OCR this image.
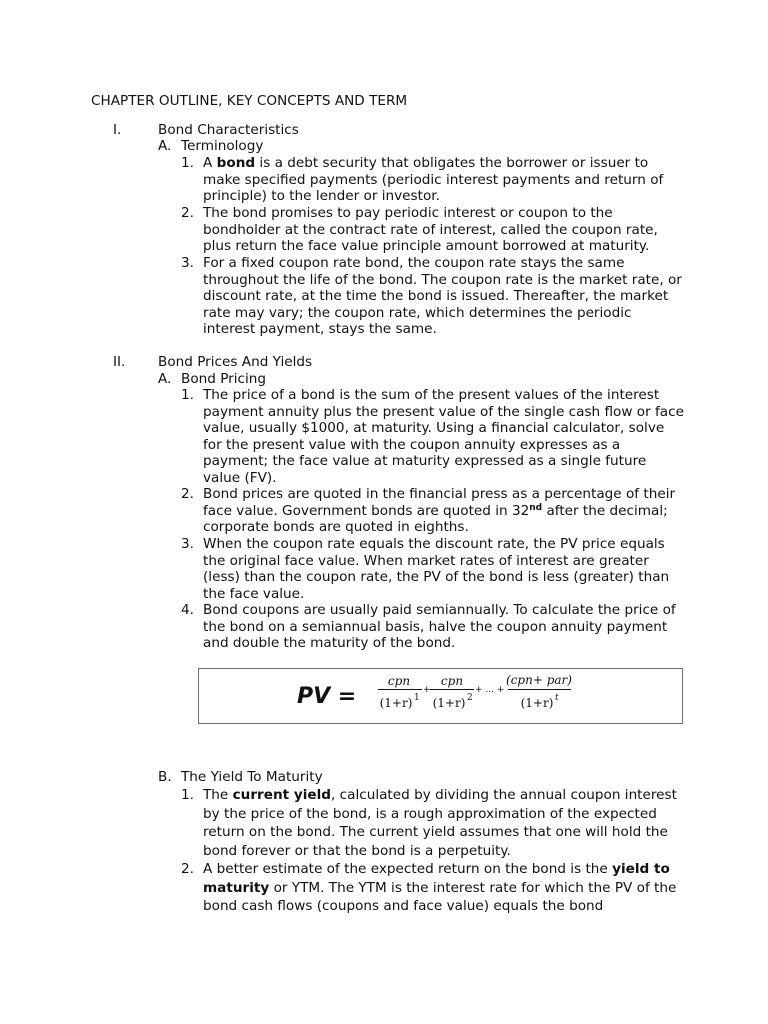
CHAPTER OUTLINE, KEY CONCEPTS AND TERM
I.	Bond Characteristics
A. Terminology
1. A bond is a debt security that obligates the borrower or issuer to make specified payments (periodic interest payments and return of principle) to the lender or investor.
2. The bond promises to pay periodic interest or coupon to the bondholder at the contract rate of interest, called the coupon rate, plus return the face value principle amount borrowed at maturity.
3. For a fixed coupon rate bond, the coupon rate stays the same throughout the life of the bond. The coupon rate is the market rate, or discount rate, at the time the bond is issued. Thereafter, the market rate may vary; the coupon rate, which determines the periodic interest payment, stays the same.
II. Bond Prices And Yields
A. Bond Pricing
1. The price of a bond is the sum of the present values of the interest payment annuity plus the present value of the single cash flow or face value, usually $1000, at maturity. Using a financial calculator, solve for the present value with the coupon annuity expresses as a payment; the face value at maturity expressed as a single future value (FV).
2. Bond prices are quoted in the financial press as a percentage of their face value. Government bonds are quoted in 32nd after the decimal; corporate bonds are quoted in eighths.
3. When the coupon rate equals the discount rate, the PV price equals the original face value. When market rates of interest are greater (less) than the coupon rate, the PV of the bond is less (greater) than the face value.
4. Bond coupons are usually paid semiannually. To calculate the price of the bond on a semiannual basis, halve the coupon annuity payment and double the maturity of the bond.
PV =
cpn
(1+r) 1
+
cpn
(1+r) 2
+ ... +
(cpn+ par)
(1+r) t
B. The Yield To Maturity
1. The current yield, calculated by dividing the annual coupon interest by the price of the bond, is a rough approximation of the expected return on the bond. The current yield assumes that one will hold the bond forever or that the bond is a perpetuity.
2. A better estimate of the expected return on the bond is the yield to maturity or YTM. The YTM is the interest rate for which the PV of the bond cash flows (coupons and face value) equals the bond
